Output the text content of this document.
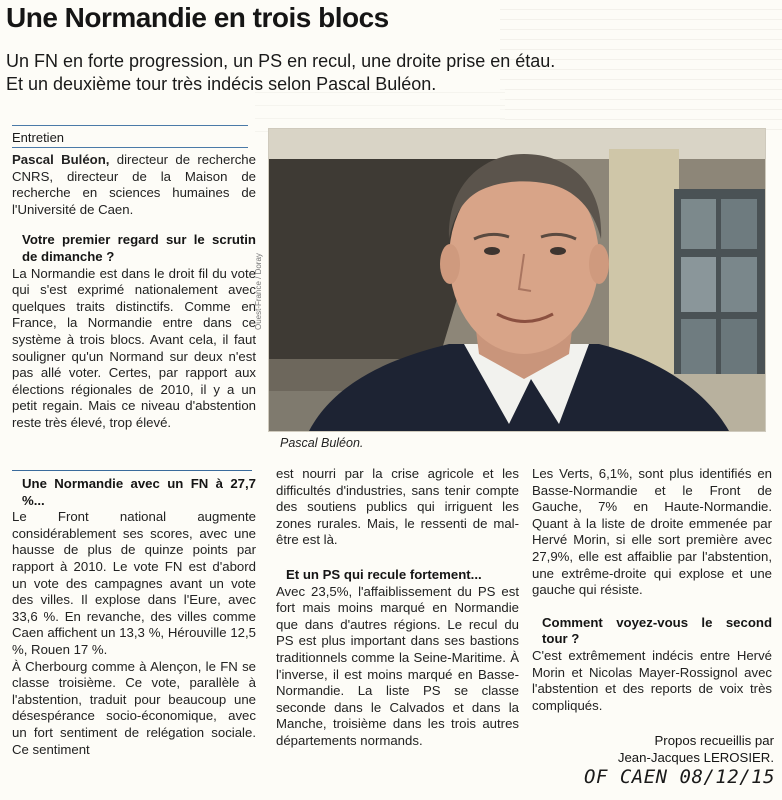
Une Normandie en trois blocs
Un FN en forte progression, un PS en recul, une droite prise en étau.
Et un deuxième tour très indécis selon Pascal Buléon.
Entretien

Pascal Buléon, directeur de recherche CNRS, directeur de la Maison de recherche en sciences humaines de l'Université de Caen.

Votre premier regard sur le scrutin de dimanche ?

La Normandie est dans le droit fil du vote qui s'est exprimé nationalement avec quelques traits distinctifs. Comme en France, la Normandie entre dans ce système à trois blocs. Avant cela, il faut souligner qu'un Normand sur deux n'est pas allé voter. Certes, par rapport aux élections régionales de 2010, il y a un petit regain. Mais ce niveau d'abstention reste très élevé, trop élevé.

Une Normandie avec un FN à 27,7 %...

Le Front national augmente considérablement ses scores, avec une hausse de plus de quinze points par rapport à 2010. Le vote FN est d'abord un vote des campagnes avant un vote des villes. Il explose dans l'Eure, avec 33,6 %. En revanche, des villes comme Caen affichent un 13,3 %, Hérouville 12,5 %, Rouen 17 %.

À Cherbourg comme à Alençon, le FN se classe troisième. Ce vote, parallèle à l'abstention, traduit pour beaucoup une désespérance socio-économique, avec un fort sentiment de relégation sociale. Ce sentiment

Ouest-France / Doray
Pascal Buléon.

est nourri par la crise agricole et les difficultés d'industries, sans tenir compte des soutiens publics qui irriguent les zones rurales. Mais, le ressenti de mal-être est là.

Et un PS qui recule fortement...

Avec 23,5%, l'affaiblissement du PS est fort mais moins marqué en Normandie que dans d'autres régions. Le recul du PS est plus important dans ses bastions traditionnels comme la Seine-Maritime. À l'inverse, il est moins marqué en Basse-Normandie. La liste PS se classe seconde dans le Calvados et dans la Manche, troisième dans les trois autres départements normands.

Les Verts, 6,1%, sont plus identifiés en Basse-Normandie et le Front de Gauche, 7% en Haute-Normandie. Quant à la liste de droite emmenée par Hervé Morin, si elle sort première avec 27,9%, elle est affaiblie par l'abstention, une extrême-droite qui explose et une gauche qui résiste.

Comment voyez-vous le second tour ?

C'est extrêmement indécis entre Hervé Morin et Nicolas Mayer-Rossignol avec l'abstention et des reports de voix très compliqués.

Propos recueillis par
Jean-Jacques LEROSIER.
OF CAEN 08/12/15
